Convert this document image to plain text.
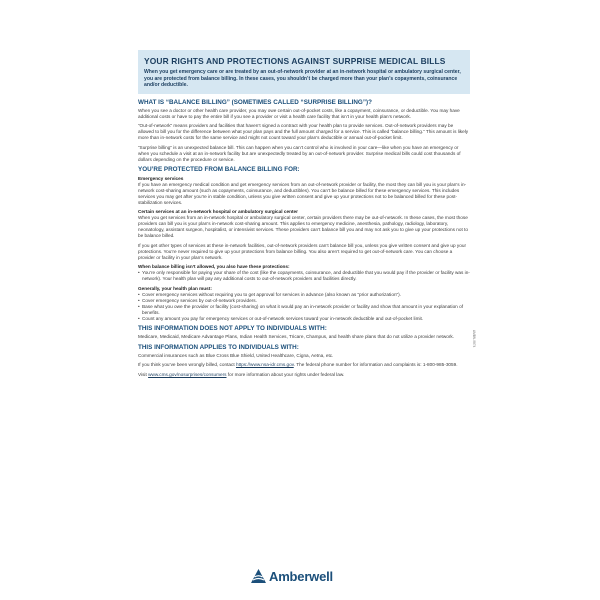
YOUR RIGHTS AND PROTECTIONS AGAINST SURPRISE MEDICAL BILLS

When you get emergency care or are treated by an out-of-network provider at an in-network hospital or ambulatory surgical center, you are protected from balance billing. In these cases, you shouldn’t be charged more than your plan’s copayments, coinsurance and/or deductible.

WHAT IS “BALANCE BILLING” (SOMETIMES CALLED “SURPRISE BILLING”)?

When you see a doctor or other health care provider, you may owe certain out-of-pocket costs, like a copayment, coinsurance, or deductible. You may have additional costs or have to pay the entire bill if you see a provider or visit a health care facility that isn’t in your health plan’s network.

“Out-of-network” means providers and facilities that haven’t signed a contract with your health plan to provide services. Out-of-network providers may be allowed to bill you for the difference between what your plan pays and the full amount charged for a service. This is called “balance billing.” This amount is likely more than in-network costs for the same service and might not count toward your plan’s deductible or annual out-of-pocket limit.

“Surprise billing” is an unexpected balance bill. This can happen when you can’t control who is involved in your care—like when you have an emergency or when you schedule a visit at an in-network facility but are unexpectedly treated by an out-of-network provider. Surprise medical bills could cost thousands of dollars depending on the procedure or service.

YOU’RE PROTECTED FROM BALANCE BILLING FOR:
Emergency services

If you have an emergency medical condition and get emergency services from an out-of-network provider or facility, the most they can bill you is your plan’s in-network cost-sharing amount (such as copayments, coinsurance, and deductibles). You can’t be balance billed for these emergency services. This includes services you may get after you’re in stable condition, unless you give written consent and give up your protections not to be balanced billed for these post-stabilization services.

Certain services at an in-network hospital or ambulatory surgical center

When you get services from an in-network hospital or ambulatory surgical center, certain providers there may be out-of-network. In these cases, the most those providers can bill you is your plan’s in-network cost-sharing amount. This applies to emergency medicine, anesthesia, pathology, radiology, laboratory, neonatology, assistant surgeon, hospitalist, or intensivist services. These providers can’t balance bill you and may not ask you to give up your protections not to be balance billed.

If you get other types of services at these in-network facilities, out-of-network providers can’t balance bill you, unless you give written consent and give up your protections. You’re never required to give up your protections from balance billing. You also aren’t required to get out-of-network care. You can choose a provider or facility in your plan’s network.

When balance billing isn’t allowed, you also have these protections:
• You’re only responsible for paying your share of the cost (like the copayments, coinsurance, and deductible that you would pay if the provider or facility was in-network). Your health plan will pay any additional costs to out-of-network providers and facilities directly.
Generally, your health plan must:
• Cover emergency services without requiring you to get approval for services in advance (also known as “prior authorization”).
• Cover emergency services by out-of-network providers.
• Base what you owe the provider or facility (cost-sharing) on what it would pay an in-network provider or facility and show that amount in your explanation of benefits.
• Count any amount you pay for emergency services or out-of-network services toward your in-network deductible and out-of-pocket limit.
THIS INFORMATION DOES NOT APPLY TO INDIVIDUALS WITH:

Medicare, Medicaid, Medicare Advantage Plans, Indian Health Services, Tricare, Champus, and health share plans that do not utilize a provider network.

THIS INFORMATION APPLIES TO INDIVIDUALS WITH:

Commercial insurances such as Blue Cross Blue Shield, United Healthcare, Cigna, Aetna, etc.

If you think you’ve been wrongly billed, contact https://www.nsa-idr.cms.gov. The federal phone number for information and complaints is: 1-800-985-3059.

Visit www.cms.gov/nosurprises/consumers for more information about your rights under federal law.

Amberwell
AMBN-9874
